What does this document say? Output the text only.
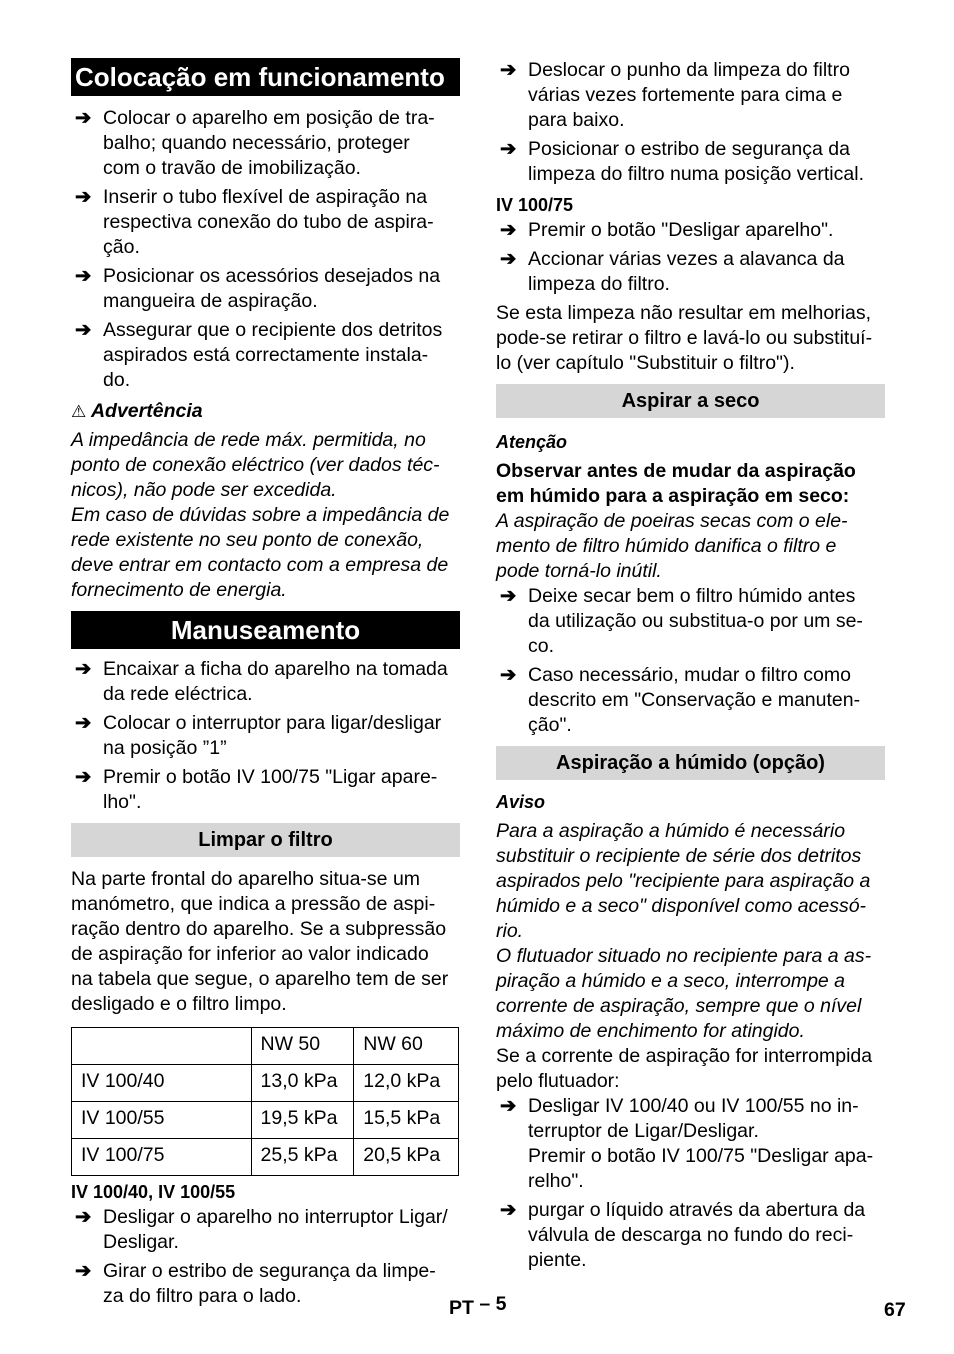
Colocação em funcionamento
➔ Colocar o aparelho em posição de tra-
balho; quando necessário, proteger
com o travão de imobilização.
➔ Inserir o tubo flexível de aspiração na
respectiva conexão do tubo de aspira-
ção.
➔ Posicionar os acessórios desejados na
mangueira de aspiração.
➔ Assegurar que o recipiente dos detritos
aspirados está correctamente instala-
do.

⚠ Advertência

A impedância de rede máx. permitida, no
ponto de conexão eléctrico (ver dados téc-
nicos), não pode ser excedida.

Em caso de dúvidas sobre a impedância de
rede existente no seu ponto de conexão,
deve entrar em contacto com a empresa de
fornecimento de energia.

Manuseamento
➔ Encaixar a ficha do aparelho na tomada
da rede eléctrica.
➔ Colocar o interruptor para ligar/desligar
na posição ”1”
➔ Premir o botão IV 100/75 "Ligar apare-
lho".
Limpar o filtro

Na parte frontal do aparelho situa-se um
manómetro, que indica a pressão de aspi-
ração dentro do aparelho. Se a subpressão
de aspiração for inferior ao valor indicado
na tabela que segue, o aparelho tem de ser
desligado e o filtro limpo.

	NW 50	NW 60
IV 100/40	13,0 kPa	12,0 kPa
IV 100/55	19,5 kPa	15,5 kPa
IV 100/75	25,5 kPa	20,5 kPa

IV 100/40, IV 100/55

➔ Desligar o aparelho no interruptor Ligar/
Desligar.
➔ Girar o estribo de segurança da limpe-
za do filtro para o lado.
➔ Deslocar o punho da limpeza do filtro
várias vezes fortemente para cima e
para baixo.
➔ Posicionar o estribo de segurança da
limpeza do filtro numa posição vertical.

IV 100/75

➔ Premir o botão "Desligar aparelho".
➔ Accionar várias vezes a alavanca da
limpeza do filtro.

Se esta limpeza não resultar em melhorias,
pode-se retirar o filtro e lavá-lo ou substituí-
lo (ver capítulo "Substituir o filtro").

Aspirar a seco

Atenção

Observar antes de mudar da aspiração
em húmido para a aspiração em seco:

A aspiração de poeiras secas com o ele-
mento de filtro húmido danifica o filtro e
pode torná-lo inútil.

➔ Deixe secar bem o filtro húmido antes
da utilização ou substitua-o por um se-
co.
➔ Caso necessário, mudar o filtro como
descrito em "Conservação e manuten-
ção".
Aspiração a húmido (opção)

Aviso

Para a aspiração a húmido é necessário
substituir o recipiente de série dos detritos
aspirados pelo "recipiente para aspiração a
húmido e a seco" disponível como acessó-
rio.

O flutuador situado no recipiente para a as-
piração a húmido e a seco, interrompe a
corrente de aspiração, sempre que o nível
máximo de enchimento for atingido.

Se a corrente de aspiração for interrompida
pelo flutuador:

➔ Desligar IV 100/40 ou IV 100/55 no in-
terruptor de Ligar/Desligar.

Premir o botão IV 100/75 "Desligar apa-
relho".

➔ purgar o líquido através da abertura da
válvula de descarga no fundo do reci-
piente.
PT – 5	67
